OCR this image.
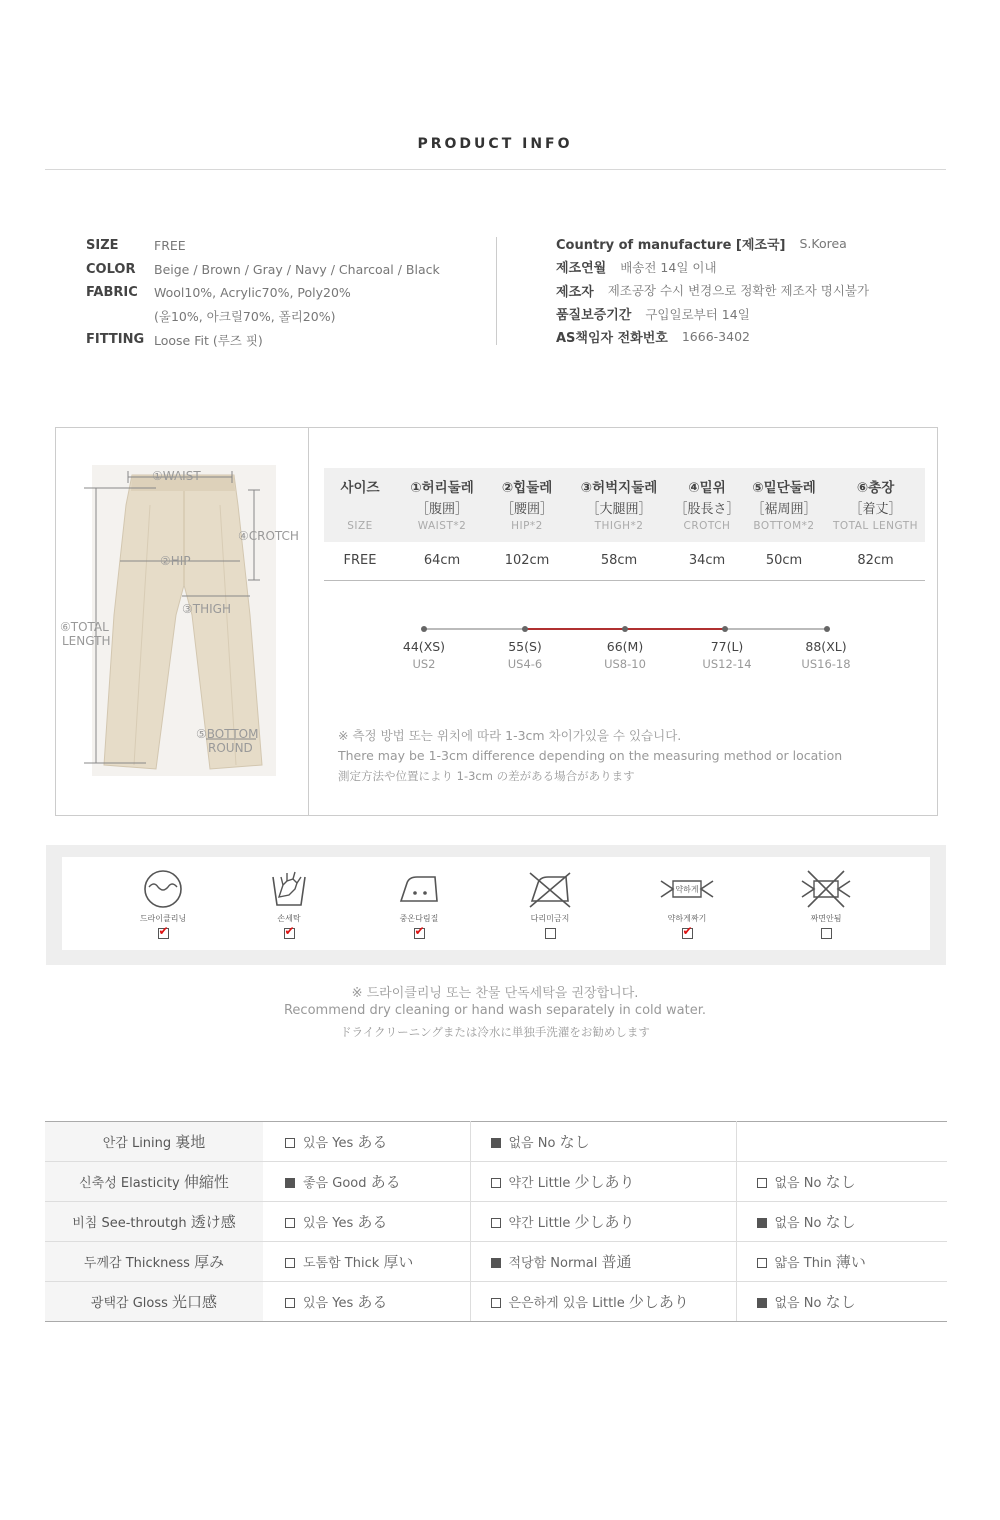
PRODUCT INFO
SIZE	FREE
COLOR	Beige / Brown / Gray / Navy / Charcoal / Black
FABRIC	Wool10%, Acrylic70%, Poly20%
(울10%, 아크릴70%, 폴리20%)
FITTING Loose Fit (루즈 핏)
Country of manufacture [제조국] S.Korea
제조연월 배송전 14일 이내
제조자 제조공장 수시 변경으로 정확한 제조자 명시불가
품질보증기간 구입일로부터 14일
AS책임자 전화번호 1666-3402
①WAIST
④CROTCH
②HIP
③THIGH
⑥TOTAL
LENGTH
⑤BOTTOM
ROUND
사이즈	①허리둘레	②힙둘레	③허벅지둘레	④밑위	⑤밑단둘레	⑥총장
	［腹囲］	［腰囲］	［大腿囲］	［股長さ］	［裾周囲］	［着丈］
SIZE	WAIST*2	HIP*2	THIGH*2	CROTCH	BOTTOM*2	TOTAL LENGTH
FREE	64cm	102cm	58cm	34cm	50cm	82cm
44(XS)
US2
55(S)
US4-6
66(M)
US8-10
77(L)
US12-14
88(XL)
US16-18
※ 측정 방법 또는 위치에 따라 1-3cm 차이가있을 수 있습니다.
There may be 1-3cm difference depending on the measuring method or location
測定方法や位置により 1-3cm の差がある場合があります
드라이클리닝
✔	손세탁
✔	중온다림질
✔	다리미금지
약하게
약하게짜기
✔	짜면안됨
※ 드라이클리닝 또는 찬물 단독세탁을 권장합니다.
Recommend dry cleaning or hand wash separately in cold water.
ドライクリーニングまたは冷水に単独手洗濯をお勧めします
안감 Lining 裏地	있음 Yes ある	없음 No なし	
신축성 Elasticity 伸縮性	좋음 Good ある	약간 Little 少しあり	없음 No なし
비침 See-throutgh 透け感	있음 Yes ある	약간 Little 少しあり	없음 No なし
두께감 Thickness 厚み	도톰함 Thick 厚い	적당함 Normal 普通	얇음 Thin 薄い
광택감 Gloss 光口感	있음 Yes ある	은은하게 있음 Little 少しあり	없음 No なし
